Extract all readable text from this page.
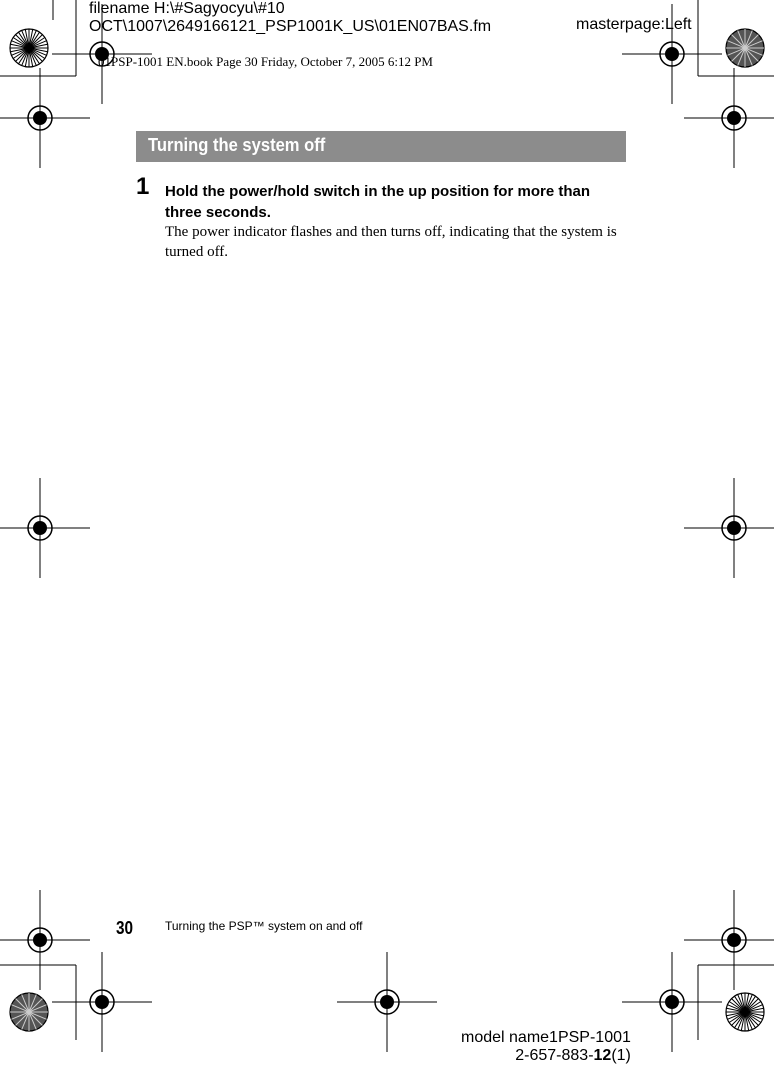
filename H:\#Sagyocyu\#10
OCT\1007\2649166121_PSP1001K_US\01EN07BAS.fm	masterpage:Left
01PSP-1001 EN.book Page 30 Friday, October 7, 2005 6:12 PM
Turning the system off
1 Hold the power/hold switch in the up position for more than three seconds.
The power indicator flashes and then turns off, indicating that the system is turned off.
30	Turning the PSP™ system on and off
model name1PSP-1001
2-657-883-12(1)
